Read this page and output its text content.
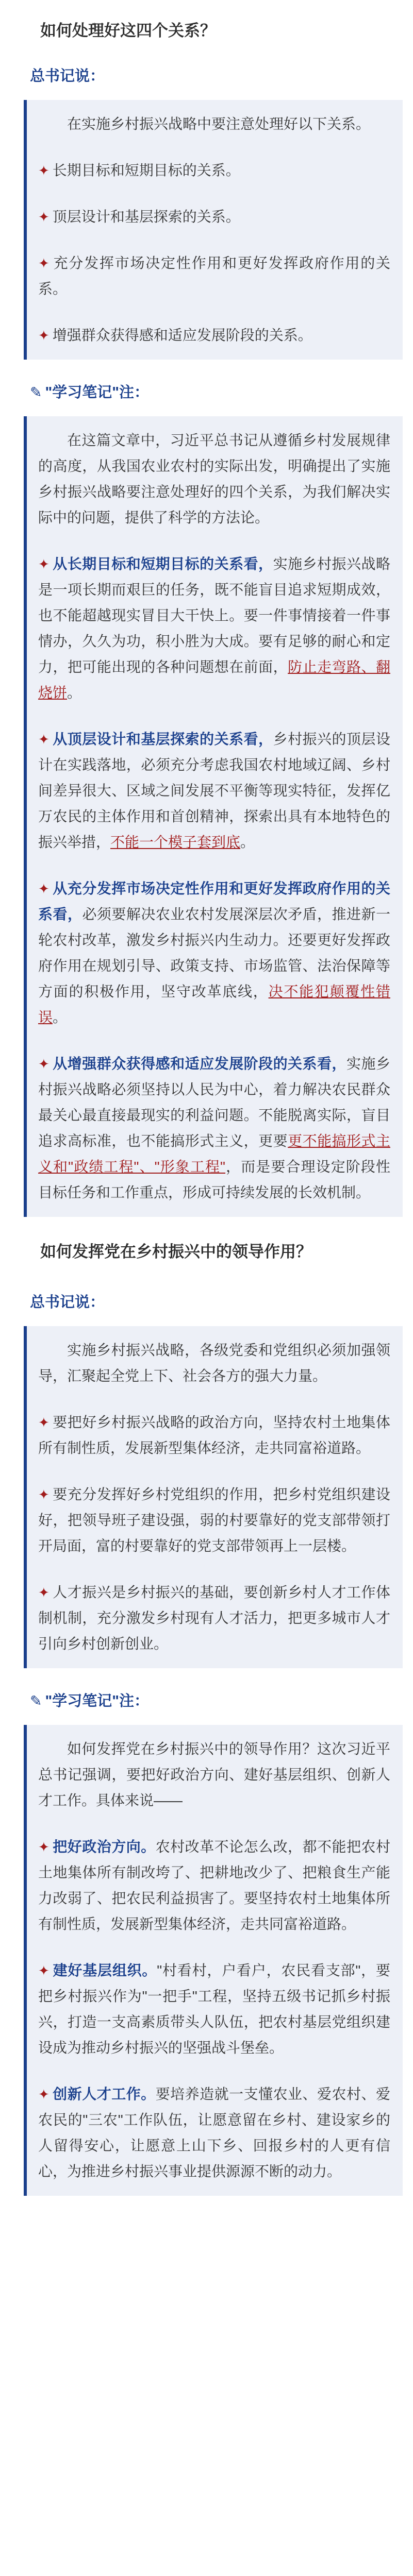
如何处理好这四个关系？

总书记说：

在实施乡村振兴战略中要注意处理好以下关系。

✦ 长期目标和短期目标的关系。

✦ 顶层设计和基层探索的关系。

✦ 充分发挥市场决定性作用和更好发挥政府作用的关系。

✦ 增强群众获得感和适应发展阶段的关系。

✎ "学习笔记"注：

在这篇文章中，习近平总书记从遵循乡村发展规律的高度，从我国农业农村的实际出发，明确提出了实施乡村振兴战略要注意处理好的四个关系，为我们解决实际中的问题，提供了科学的方法论。

✦ 从长期目标和短期目标的关系看，实施乡村振兴战略是一项长期而艰巨的任务，既不能盲目追求短期成效，也不能超越现实冒目大干快上。要一件事情接着一件事情办，久久为功，积小胜为大成。要有足够的耐心和定力，把可能出现的各种问题想在前面，防止走弯路、翻烧饼。

✦ 从顶层设计和基层探索的关系看，乡村振兴的顶层设计在实践落地，必须充分考虑我国农村地域辽阔、乡村间差异很大、区域之间发展不平衡等现实特征，发挥亿万农民的主体作用和首创精神，探索出具有本地特色的振兴举措，不能一个模子套到底。

✦ 从充分发挥市场决定性作用和更好发挥政府作用的关系看，必须要解决农业农村发展深层次矛盾，推进新一轮农村改革，激发乡村振兴内生动力。还要更好发挥政府作用在规划引导、政策支持、市场监管、法治保障等方面的积极作用，坚守改革底线，决不能犯颠覆性错误。

✦ 从增强群众获得感和适应发展阶段的关系看，实施乡村振兴战略必须坚持以人民为中心，着力解决农民群众最关心最直接最现实的利益问题。不能脱离实际，盲目追求高标准，也不能搞形式主义，更要更不能搞形式主义和"政绩工程"、"形象工程"，而是要合理设定阶段性目标任务和工作重点，形成可持续发展的长效机制。

如何发挥党在乡村振兴中的领导作用？

总书记说：

实施乡村振兴战略，各级党委和党组织必须加强领导，汇聚起全党上下、社会各方的强大力量。

✦ 要把好乡村振兴战略的政治方向，坚持农村土地集体所有制性质，发展新型集体经济，走共同富裕道路。

✦ 要充分发挥好乡村党组织的作用，把乡村党组织建设好，把领导班子建设强，弱的村要靠好的党支部带领打开局面，富的村要靠好的党支部带领再上一层楼。

✦ 人才振兴是乡村振兴的基础，要创新乡村人才工作体制机制，充分激发乡村现有人才活力，把更多城市人才引向乡村创新创业。

✎ "学习笔记"注：

如何发挥党在乡村振兴中的领导作用？这次习近平总书记强调，要把好政治方向、建好基层组织、创新人才工作。具体来说——

✦ 把好政治方向。农村改革不论怎么改，都不能把农村土地集体所有制改垮了、把耕地改少了、把粮食生产能力改弱了、把农民利益损害了。要坚持农村土地集体所有制性质，发展新型集体经济，走共同富裕道路。

✦ 建好基层组织。"村看村，户看户，农民看支部"，要把乡村振兴作为"一把手"工程，坚持五级书记抓乡村振兴，打造一支高素质带头人队伍，把农村基层党组织建设成为推动乡村振兴的坚强战斗堡垒。

✦ 创新人才工作。要培养造就一支懂农业、爱农村、爱农民的"三农"工作队伍，让愿意留在乡村、建设家乡的人留得安心，让愿意上山下乡、回报乡村的人更有信心，为推进乡村振兴事业提供源源不断的动力。
